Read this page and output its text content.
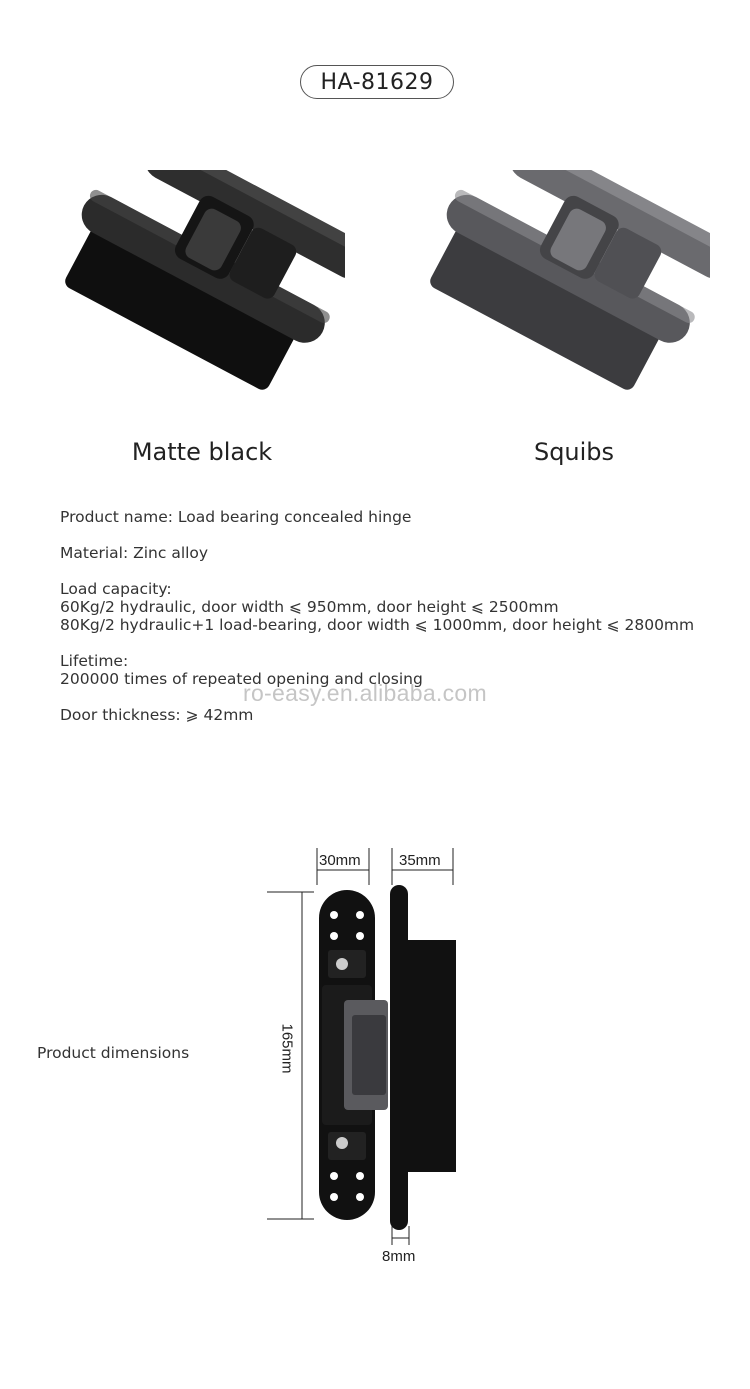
HA-81629
Matte black	Squibs
Product name: Load bearing concealed hinge
Material: Zinc alloy
Load capacity:
60Kg/2 hydraulic, door width ⩽ 950mm, door height ⩽ 2500mm
80Kg/2 hydraulic+1 load-bearing, door width ⩽ 1000mm, door height ⩽ 2800mm
Lifetime:
200000 times of repeated opening and closing
Door thickness: ⩾ 42mm
ro-easy.en.alibaba.com
Product dimensions
30mm	35mm
165mm
8mm
